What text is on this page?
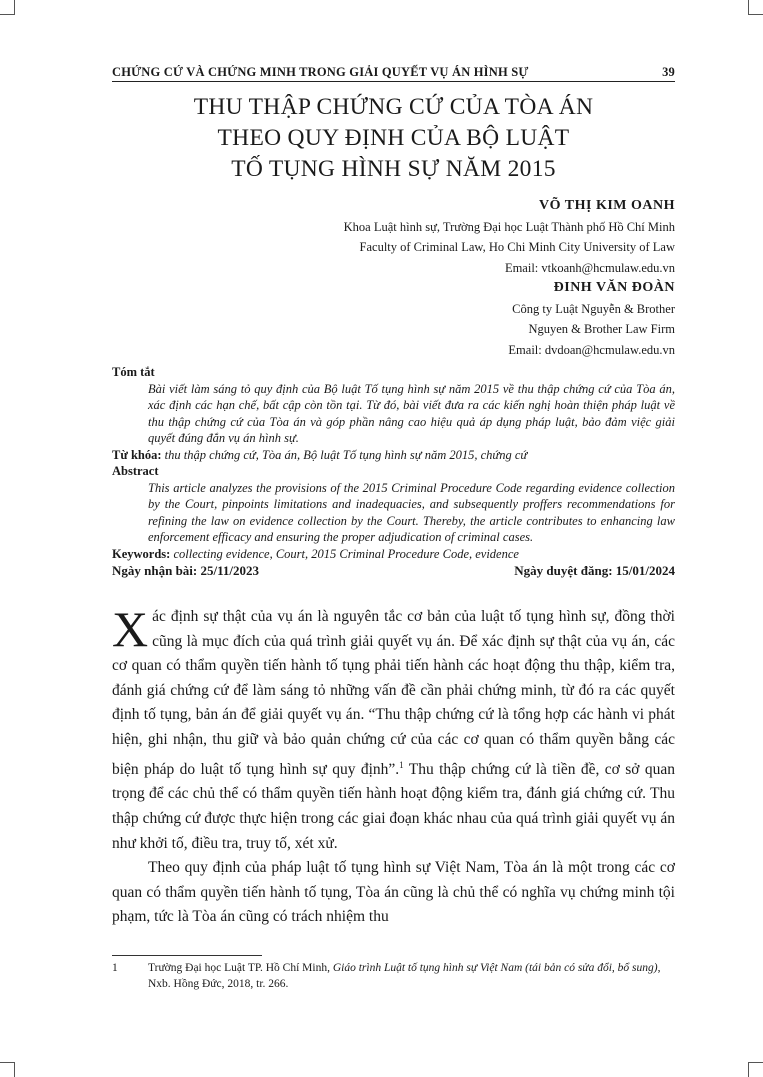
CHỨNG CỨ VÀ CHỨNG MINH TRONG GIẢI QUYẾT VỤ ÁN HÌNH SỰ	39
THU THẬP CHỨNG CỨ CỦA TÒA ÁN
THEO QUY ĐỊNH CỦA BỘ LUẬT
TỐ TỤNG HÌNH SỰ NĂM 2015
VÕ THỊ KIM OANH
Khoa Luật hình sự, Trường Đại học Luật Thành phố Hồ Chí Minh
Faculty of Criminal Law, Ho Chi Minh City University of Law
Email: vtkoanh@hcmulaw.edu.vn
ĐINH VĂN ĐOÀN
Công ty Luật Nguyễn & Brother
Nguyen & Brother Law Firm
Email: dvdoan@hcmulaw.edu.vn
Tóm tắt
Bài viết làm sáng tỏ quy định của Bộ luật Tố tụng hình sự năm 2015 về thu thập chứng cứ của Tòa án, xác định các hạn chế, bất cập còn tồn tại. Từ đó, bài viết đưa ra các kiến nghị hoàn thiện pháp luật về thu thập chứng cứ của Tòa án và góp phần nâng cao hiệu quả áp dụng pháp luật, bảo đảm việc giải quyết đúng đắn vụ án hình sự.
Từ khóa: thu thập chứng cứ, Tòa án, Bộ luật Tố tụng hình sự năm 2015, chứng cứ
Abstract
This article analyzes the provisions of the 2015 Criminal Procedure Code regarding evidence collection by the Court, pinpoints limitations and inadequacies, and subsequently proffers recommendations for refining the law on evidence collection by the Court. Thereby, the article contributes to enhancing law enforcement efficacy and ensuring the proper adjudication of criminal cases.
Keywords: collecting evidence, Court, 2015 Criminal Procedure Code, evidence
Ngày nhận bài: 25/11/2023	Ngày duyệt đăng: 15/01/2024

Xác định sự thật của vụ án là nguyên tắc cơ bản của luật tố tụng hình sự, đồng thời cũng là mục đích của quá trình giải quyết vụ án. Để xác định sự thật của vụ án, các cơ quan có thẩm quyền tiến hành tố tụng phải tiến hành các hoạt động thu thập, kiểm tra, đánh giá chứng cứ để làm sáng tỏ những vấn đề cần phải chứng minh, từ đó ra các quyết định tố tụng, bản án để giải quyết vụ án. “Thu thập chứng cứ là tổng hợp các hành vi phát hiện, ghi nhận, thu giữ và bảo quản chứng cứ của các cơ quan có thẩm quyền bằng các biện pháp do luật tố tụng hình sự quy định”.$^1$ Thu thập chứng cứ là tiền đề, cơ sở quan trọng để các chủ thể có thẩm quyền tiến hành hoạt động kiểm tra, đánh giá chứng cứ. Thu thập chứng cứ được thực hiện trong các giai đoạn khác nhau của quá trình giải quyết vụ án như khởi tố, điều tra, truy tố, xét xử.

Theo quy định của pháp luật tố tụng hình sự Việt Nam, Tòa án là một trong các cơ quan có thẩm quyền tiến hành tố tụng, Tòa án cũng là chủ thể có nghĩa vụ chứng minh tội phạm, tức là Tòa án cũng có trách nhiệm thu

1	Trường Đại học Luật TP. Hồ Chí Minh, Giáo trình Luật tố tụng hình sự Việt Nam (tái bản có sửa đổi, bổ sung), Nxb. Hồng Đức, 2018, tr. 266.
